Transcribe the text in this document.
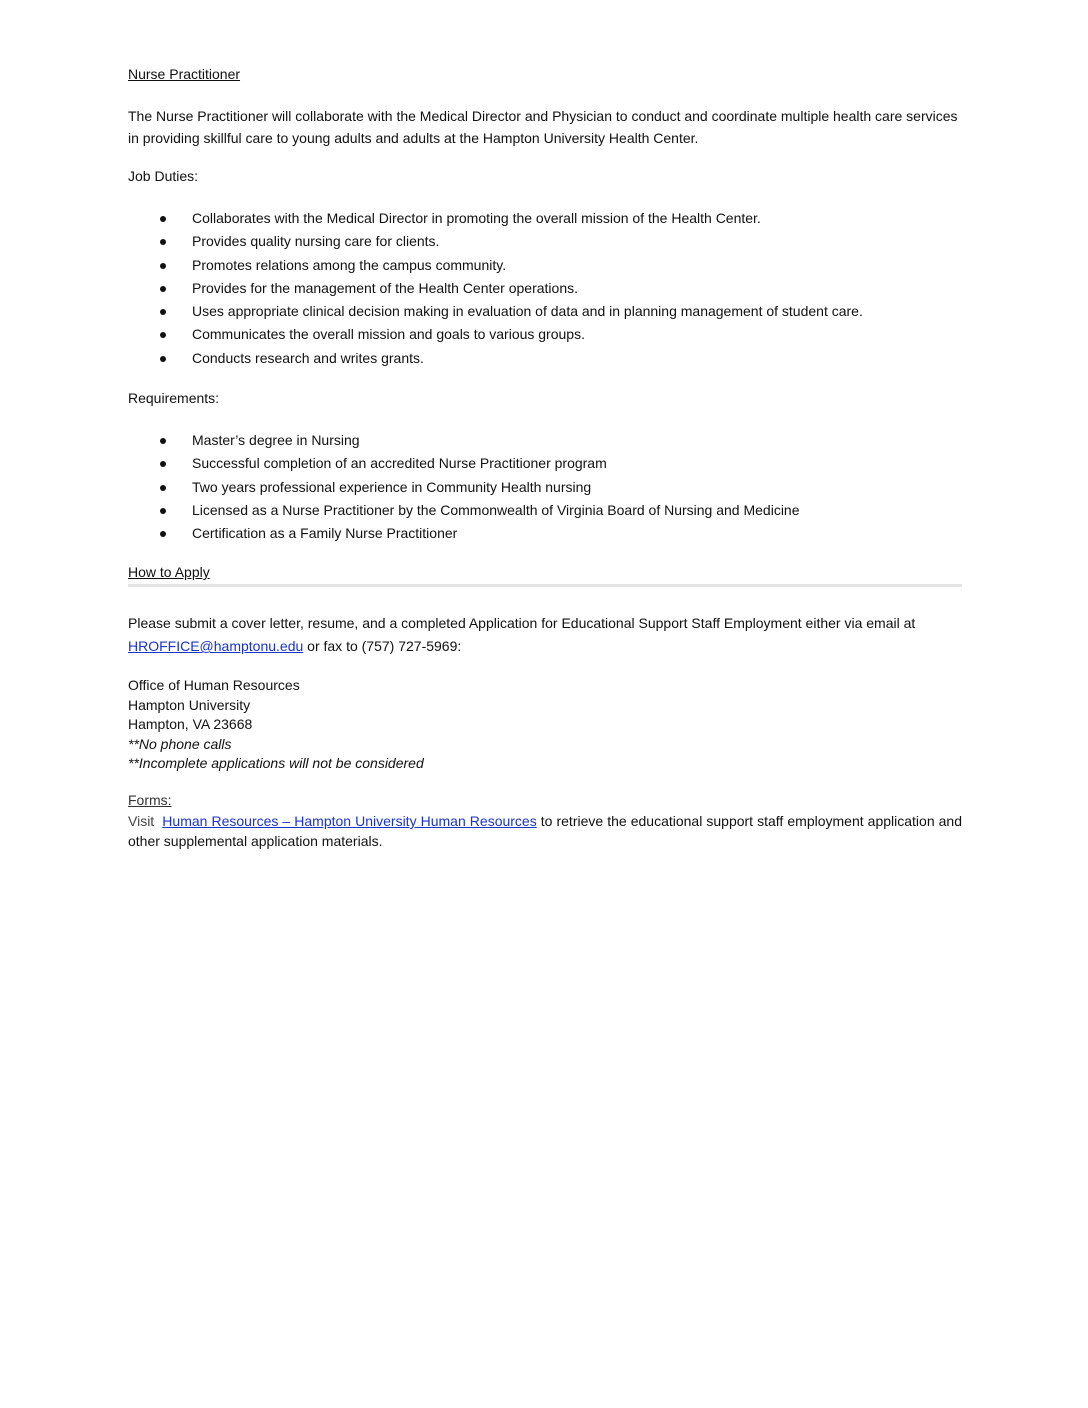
Nurse Practitioner
The Nurse Practitioner will collaborate with the Medical Director and Physician to conduct and coordinate multiple health care services in providing skillful care to young adults and adults at the Hampton University Health Center.
Job Duties:
Collaborates with the Medical Director in promoting the overall mission of the Health Center.
Provides quality nursing care for clients.
Promotes relations among the campus community.
Provides for the management of the Health Center operations.
Uses appropriate clinical decision making in evaluation of data and in planning management of student care.
Communicates the overall mission and goals to various groups.
Conducts research and writes grants.
Requirements:
Master’s degree in Nursing
Successful completion of an accredited Nurse Practitioner program
Two years professional experience in Community Health nursing
Licensed as a Nurse Practitioner by the Commonwealth of Virginia Board of Nursing and Medicine
Certification as a Family Nurse Practitioner
How to Apply
Please submit a cover letter, resume, and a completed Application for Educational Support Staff Employment either via email at HROFFICE@hamptonu.edu or fax to (757) 727-5969:
Office of Human Resources
Hampton University
Hampton, VA 23668
**No phone calls
**Incomplete applications will not be considered
Forms:
Visit Human Resources – Hampton University Human Resources to retrieve the educational support staff employment application and other supplemental application materials.
